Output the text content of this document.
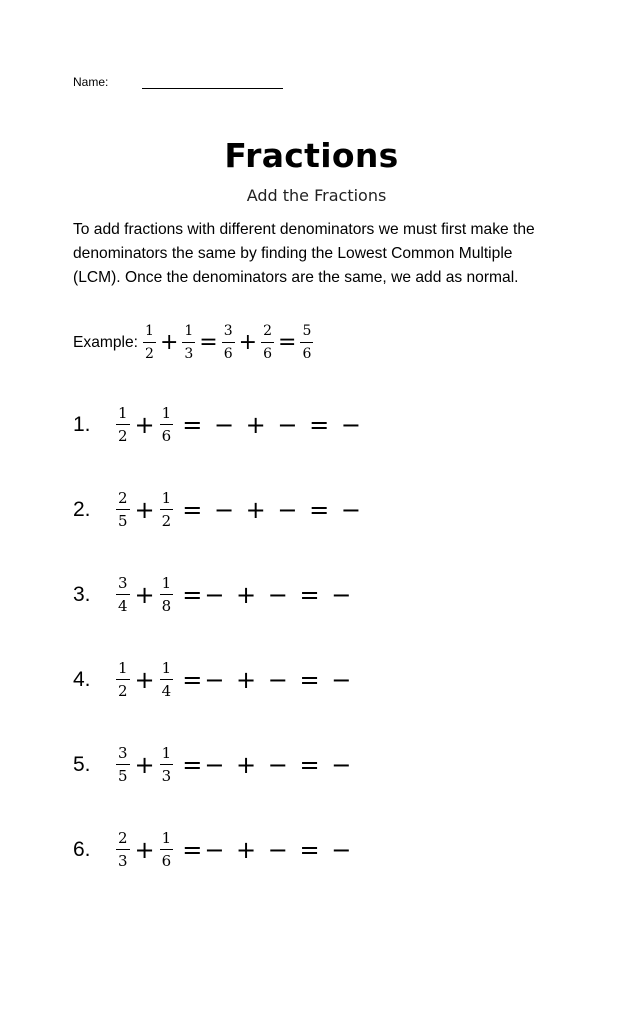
Name:
Fractions
Add the Fractions
To add fractions with different denominators we must first make the denominators the same by finding the Lowest Common Multiple (LCM). Once the denominators are the same, we add as normal.
Example: $\frac{1}{2} + \frac{1}{3} = \frac{3}{6} + \frac{2}{6} = \frac{5}{6}$
1.	$\frac{1}{2} + \frac{1}{6}$ = − + − = −
2.	$\frac{2}{5} + \frac{1}{2}$ = − + − = −
3.	$\frac{3}{4} + \frac{1}{8}$ =− + − = −
4.	$\frac{1}{2} + \frac{1}{4}$ =− + − = −
5.	$\frac{3}{5} + \frac{1}{3}$ =− + − = −
6.	$\frac{2}{3} + \frac{1}{6}$ =− + − = −
